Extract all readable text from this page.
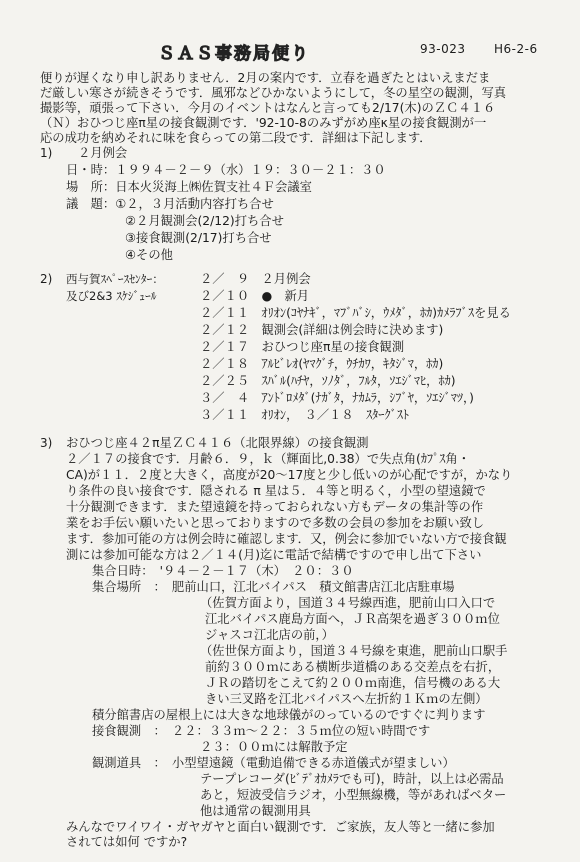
ＳＡＳ事務局便り	93-023 H6-2-6
便りが遅くなり申し訳ありません．2月の案内です．立春を過ぎたとはいえまだま
だ厳しい寒さが続きそうです．風邪などひかないようにして，冬の星空の観測，写真
撮影等，頑張って下さい．今月のイベントはなんと言っても2/17(木)のＺＣ４１６
（Ｎ）おひつじ座π星の接食観測です．'92-10-8のみずがめ座κ星の接食観測が一
応の成功を納めそれに味を食らっての第二段です．詳細は下記します．
1) ２月例会
日・時：１９９４－２－９（水）１９：３０－２１：３０
場　所：日本火災海上㈱佐賀支社４Ｆ会議室
議　題：①２，３月活動内容打ち合せ
②２月観測会(2/12)打ち合せ
③接食観測(2/17)打ち合せ
④その他
2) 西与賀ｽﾍﾟｰｽｾﾝﾀｰ：
及び2&3 ｽｹｼﾞｭｰﾙ
２／　９　２月例会
２／１０　●　新月
２／１１　ｵﾘｵﾝ(ｺﾔﾅｷﾞ，ﾏﾌﾞﾊﾞｼ，ｳﾒﾀﾞ，ﾎｶ)ｶﾒﾗﾌﾞｽを見る
２／１２　観測会(詳細は例会時に決めます)
２／１７　おひつじ座π星の接食観測
２／１８　ｱﾙﾋﾞﾚｵ(ﾔﾏｸﾞﾁ，ｳﾁｶﾜ，ｷﾀｼﾞﾏ，ﾎｶ)
２／２５　ｽﾊﾞﾙ(ﾊﾁﾔ，ｿﾉﾀﾞ，ﾌﾙﾀ，ｿｴｼﾞﾏﾋ，ﾎｶ)
３／　４　ｱﾝﾄﾞﾛﾒﾀﾞ(ﾅｶﾞﾀ，ﾅｶﾑﾗ，ｼﾌﾞﾔ，ｿｴｼﾞﾏﾂ，)
３／１１　ｵﾘｵﾝ，　３／１８　ｽﾀｰｸﾞｽﾄ
3) おひつじ座４２π星ＺＣ４１６（北限界線）の接食観測
２／１７の接食です．月齢６．９，ｋ（輝面比,0.38）で失点角(ｶﾌﾟｽ角・
CA)が１１．２度と大きく，高度が20～17度と少し低いのが心配ですが，かなり
り条件の良い接食です．隠される π 星は５．４等と明るく，小型の望遠鏡で
十分観測できます．また望遠鏡を持っておられない方もデータの集計等の作
業をお手伝い願いたいと思っておりますので多数の会員の参加をお願い致し
ます．参加可能の方は例会時に確認します．又，例会に参加でいない方で接食観
測には参加可能な方は２／１４(月)迄に電話で結構ですので申し出て下さい
集合日時：　'９４－２－１７（木）　２０：３０
集合場所　：　肥前山口，江北バイパス　積文館書店江北店駐車場
（佐賀方面より，国道３４号線西進，肥前山口入口で
江北バイパス鹿島方面へ，ＪＲ高架を過ぎ３００ｍ位
ジャスコ江北店の前，）
（佐世保方面より，国道３４号線を東進，肥前山口駅手
前約３００ｍにある横断歩道橋のある交差点を右折，
ＪＲの踏切をこえて約２００ｍ南進，信号機のある大
きい三叉路を江北バイパスへ左折約１Ｋｍの左側）
積分館書店の屋根上には大きな地球儀がのっているのですぐに判ります
接食観測　：　２２：３３ｍ～２２：３５ｍ位の短い時間です
２３：００ｍには解散予定
観測道具　：　小型望遠鏡（電動追備できる赤道儀式が望ましい）
テープレコーダ(ﾋﾞﾃﾞｵｶﾒﾗでも可)，時計，以上は必需品
あと，短波受信ラジオ，小型無線機，等があればベター
他は通常の観測用具
みんなでワイワイ・ガヤガヤと面白い観測です．ご家族，友人等と一緒に参加
されては如何 ですか?
